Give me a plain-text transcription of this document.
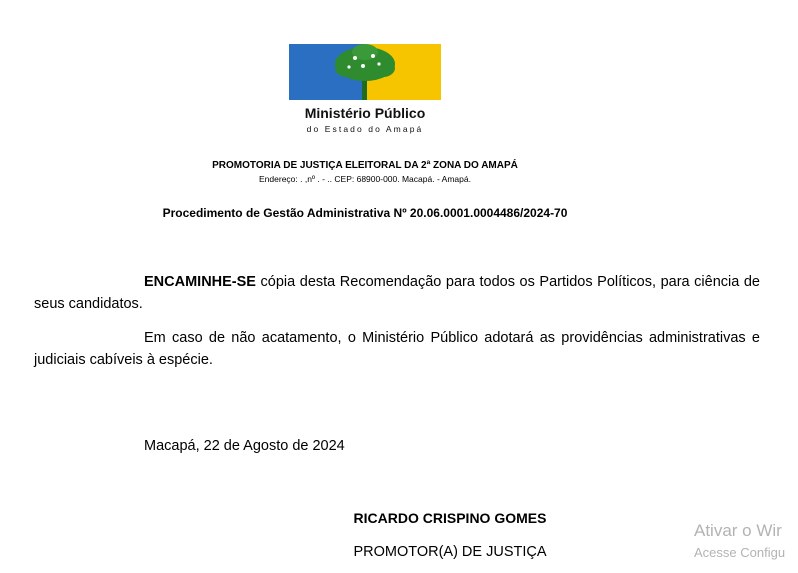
Ministério Público
do Estado do Amapá
PROMOTORIA DE JUSTIÇA ELEITORAL DA 2ª ZONA DO AMAPÁ
Endereço: . ,nº . - .. CEP: 68900-000. Macapá. - Amapá.
Procedimento de Gestão Administrativa Nº 20.06.0001.0004486/2024-70
ENCAMINHE-SE cópia desta Recomendação para todos os Partidos Políticos, para ciência de seus candidatos.
Em caso de não acatamento, o Ministério Público adotará as providências administrativas e judiciais cabíveis à espécie.
Macapá, 22 de Agosto de 2024
RICARDO CRISPINO GOMES
PROMOTOR(A) DE JUSTIÇA
Ativar o Wir
Acesse Configu
